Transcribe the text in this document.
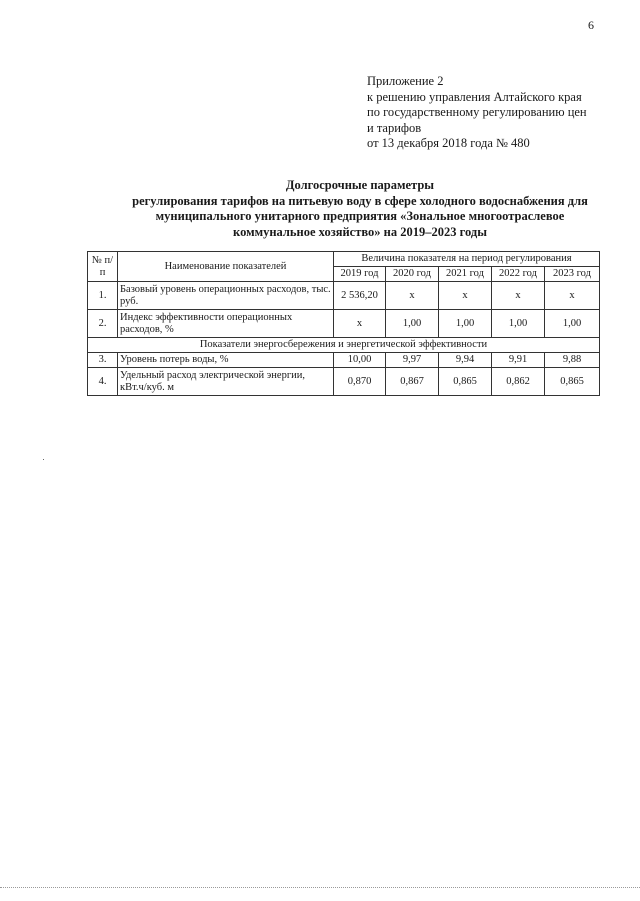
6
Приложение 2
к решению управления Алтайского края
по государственному регулированию цен
и тарифов
от 13 декабря 2018 года № 480
Долгосрочные параметры
регулирования тарифов на питьевую воду в сфере холодного водоснабжения для
муниципального унитарного предприятия «Зональное многоотраслевое
коммунальное хозяйство» на 2019–2023 годы
№ п/п	Наименование показателей	Величина показателя на период регулирования				
		2019 год	2020 год	2021 год	2022 год	2023 год
1.	Базовый уровень операционных расходов, тыс. руб.	2 536,20	x	x	x	x
2.	Индекс эффективности операционных расходов, %	x	1,00	1,00	1,00	1,00
Показатели энергосбережения и энергетической эффективности						
3.	Уровень потерь воды, %	10,00	9,97	9,94	9,91	9,88
4.	Удельный расход электрической энергии, кВт.ч/куб. м	0,870	0,867	0,865	0,862	0,865
